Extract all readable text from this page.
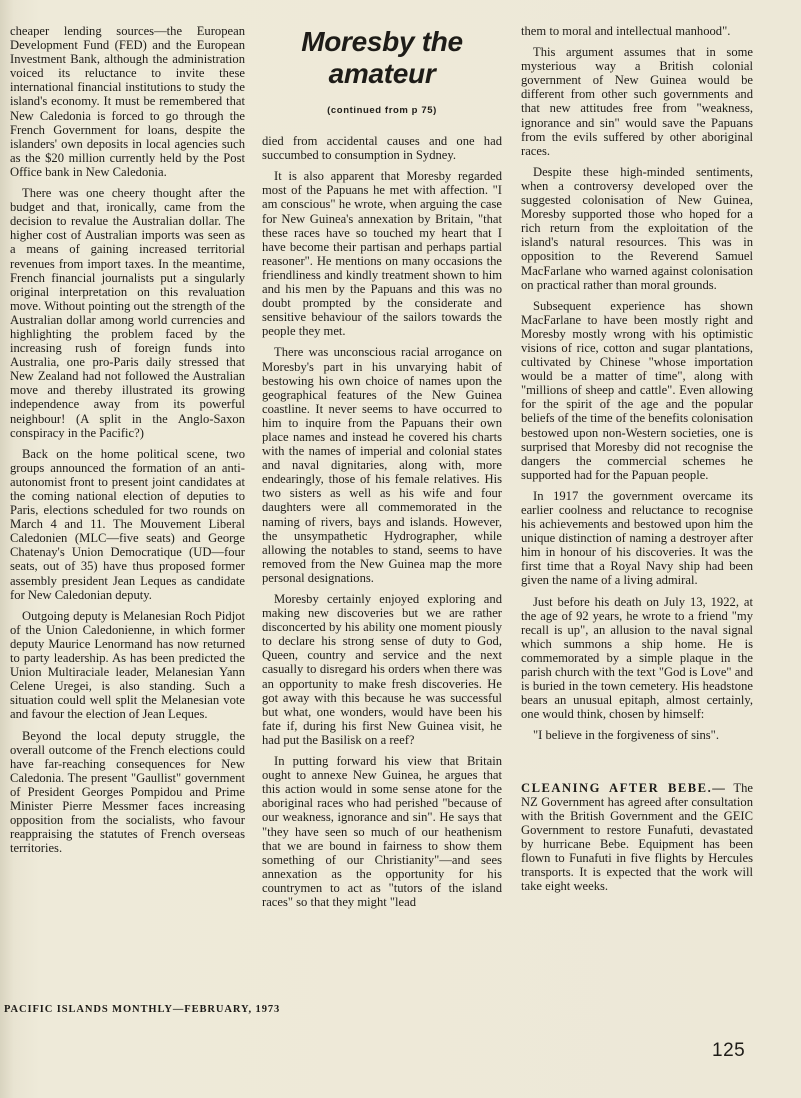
cheaper lending sources—the European Development Fund (FED) and the European Investment Bank, although the administration voiced its reluctance to invite these international financial institutions to study the island's economy. It must be remembered that New Caledonia is forced to go through the French Government for loans, despite the islanders' own deposits in local agencies such as the $20 million currently held by the Post Office bank in New Caledonia.

There was one cheery thought after the budget and that, ironically, came from the decision to revalue the Australian dollar. The higher cost of Australian imports was seen as a means of gaining increased territorial revenues from import taxes. In the meantime, French financial journalists put a singularly original interpretation on this revaluation move. Without pointing out the strength of the Australian dollar among world currencies and highlighting the problem faced by the increasing rush of foreign funds into Australia, one pro-Paris daily stressed that New Zealand had not followed the Australian move and thereby illustrated its growing independence away from its powerful neighbour! (A split in the Anglo-Saxon conspiracy in the Pacific?)

Back on the home political scene, two groups announced the formation of an anti-autonomist front to present joint candidates at the coming national election of deputies to Paris, elections scheduled for two rounds on March 4 and 11. The Mouvement Liberal Caledonien (MLC—five seats) and George Chatenay's Union Democratique (UD—four seats, out of 35) have thus proposed former assembly president Jean Leques as candidate for New Caledonian deputy.

Outgoing deputy is Melanesian Roch Pidjot of the Union Caledonienne, in which former deputy Maurice Lenormand has now returned to party leadership. As has been predicted the Union Multiraciale leader, Melanesian Yann Celene Uregei, is also standing. Such a situation could well split the Melanesian vote and favour the election of Jean Leques.

Beyond the local deputy struggle, the overall outcome of the French elections could have far-reaching consequences for New Caledonia. The present "Gaullist" government of President Georges Pompidou and Prime Minister Pierre Messmer faces increasing opposition from the socialists, who favour reappraising the statutes of French overseas territories.

Moresby the amateur
(continued from p 75)

died from accidental causes and one had succumbed to consumption in Sydney.

It is also apparent that Moresby regarded most of the Papuans he met with affection. "I am conscious" he wrote, when arguing the case for New Guinea's annexation by Britain, "that these races have so touched my heart that I have become their partisan and perhaps partial reasoner". He mentions on many occasions the friendliness and kindly treatment shown to him and his men by the Papuans and this was no doubt prompted by the considerate and sensitive behaviour of the sailors towards the people they met.

There was unconscious racial arrogance on Moresby's part in his unvarying habit of bestowing his own choice of names upon the geographical features of the New Guinea coastline. It never seems to have occurred to him to inquire from the Papuans their own place names and instead he covered his charts with the names of imperial and colonial states and naval dignitaries, along with, more endearingly, those of his female relatives. His two sisters as well as his wife and four daughters were all commemorated in the naming of rivers, bays and islands. However, the unsympathetic Hydrographer, while allowing the notables to stand, seems to have removed from the New Guinea map the more personal designations.

Moresby certainly enjoyed exploring and making new discoveries but we are rather disconcerted by his ability one moment piously to declare his strong sense of duty to God, Queen, country and service and the next casually to disregard his orders when there was an opportunity to make fresh discoveries. He got away with this because he was successful but what, one wonders, would have been his fate if, during his first New Guinea visit, he had put the Basilisk on a reef?

In putting forward his view that Britain ought to annexe New Guinea, he argues that this action would in some sense atone for the aboriginal races who had perished "because of our weakness, ignorance and sin". He says that "they have seen so much of our heathenism that we are bound in fairness to show them something of our Christianity"—and sees annexation as the opportunity for his countrymen to act as "tutors of the island races" so that they might "lead

them to moral and intellectual manhood".

This argument assumes that in some mysterious way a British colonial government of New Guinea would be different from other such governments and that new attitudes free from "weakness, ignorance and sin" would save the Papuans from the evils suffered by other aboriginal races.

Despite these high-minded sentiments, when a controversy developed over the suggested colonisation of New Guinea, Moresby supported those who hoped for a rich return from the exploitation of the island's natural resources. This was in opposition to the Reverend Samuel MacFarlane who warned against colonisation on practical rather than moral grounds.

Subsequent experience has shown MacFarlane to have been mostly right and Moresby mostly wrong with his optimistic visions of rice, cotton and sugar plantations, cultivated by Chinese "whose importation would be a matter of time", along with "millions of sheep and cattle". Even allowing for the spirit of the age and the popular beliefs of the time of the benefits colonisation bestowed upon non-Western societies, one is surprised that Moresby did not recognise the dangers the commercial schemes he supported had for the Papuan people.

In 1917 the government overcame its earlier coolness and reluctance to recognise his achievements and bestowed upon him the unique distinction of naming a destroyer after him in honour of his discoveries. It was the first time that a Royal Navy ship had been given the name of a living admiral.

Just before his death on July 13, 1922, at the age of 92 years, he wrote to a friend "my recall is up", an allusion to the naval signal which summons a ship home. He is commemorated by a simple plaque in the parish church with the text "God is Love" and is buried in the town cemetery. His headstone bears an unusual epitaph, almost certainly, one would think, chosen by himself:

"I believe in the forgiveness of sins".

CLEANING AFTER BEBE.— The NZ Government has agreed after consultation with the British Government and the GEIC Government to restore Funafuti, devastated by hurricane Bebe. Equipment has been flown to Funafuti in five flights by Hercules transports. It is expected that the work will take eight weeks.

PACIFIC ISLANDS MONTHLY—FEBRUARY, 1973
125
